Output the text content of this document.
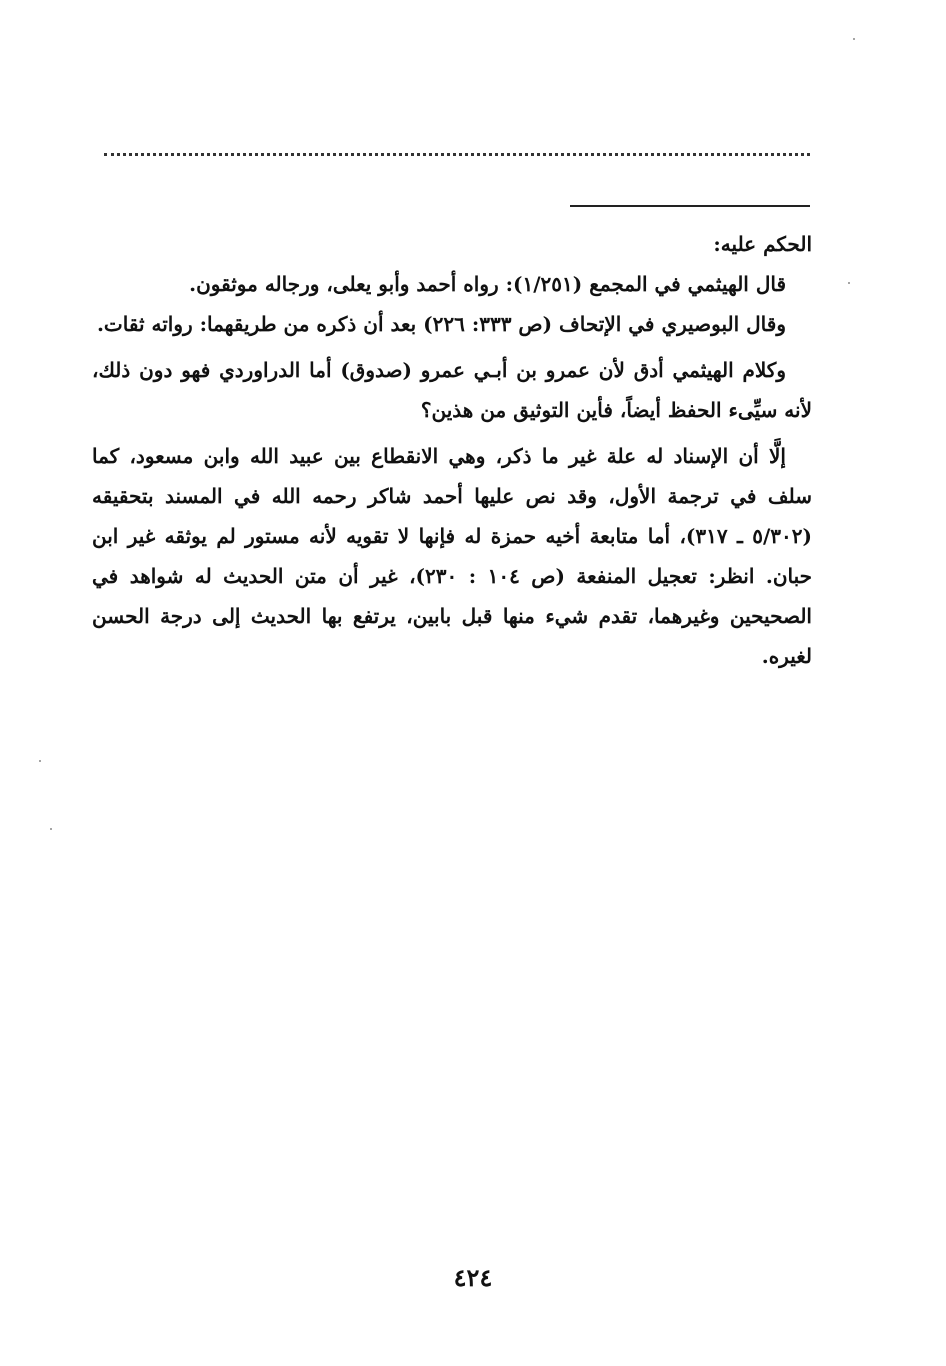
الحكم عليه:

قال الهيثمي في المجمع (١/٢٥١): رواه أحمد وأبو يعلى، ورجاله موثقون.

وقال البوصيري في الإتحاف (ص ٣٣٣: ٢٢٦) بعد أن ذكره من طريقهما: رواته ثقات.

وكلام الهيثمي أدق لأن عمرو بن أبـي عمرو (صدوق) أما الدراوردي فهو دون ذلك، لأنه سيِّىء الحفظ أيضاً، فأين التوثيق من هذين؟

إلَّا أن الإسناد له علة غير ما ذكر، وهي الانقطاع بين عبيد الله وابن مسعود، كما سلف في ترجمة الأول، وقد نص عليها أحمد شاكر رحمه الله في المسند بتحقيقه (٥/٣٠٢ ـ ٣١٧)، أما متابعة أخيه حمزة له فإنها لا تقويه لأنه مستور لم يوثقه غير ابن حبان. انظر: تعجيل المنفعة (ص ١٠٤ : ٢٣٠)، غير أن متن الحديث له شواهد في الصحيحين وغيرهما، تقدم شيء منها قبل بابين، يرتفع بها الحديث إلى درجة الحسن لغيره.

٤٢٤
